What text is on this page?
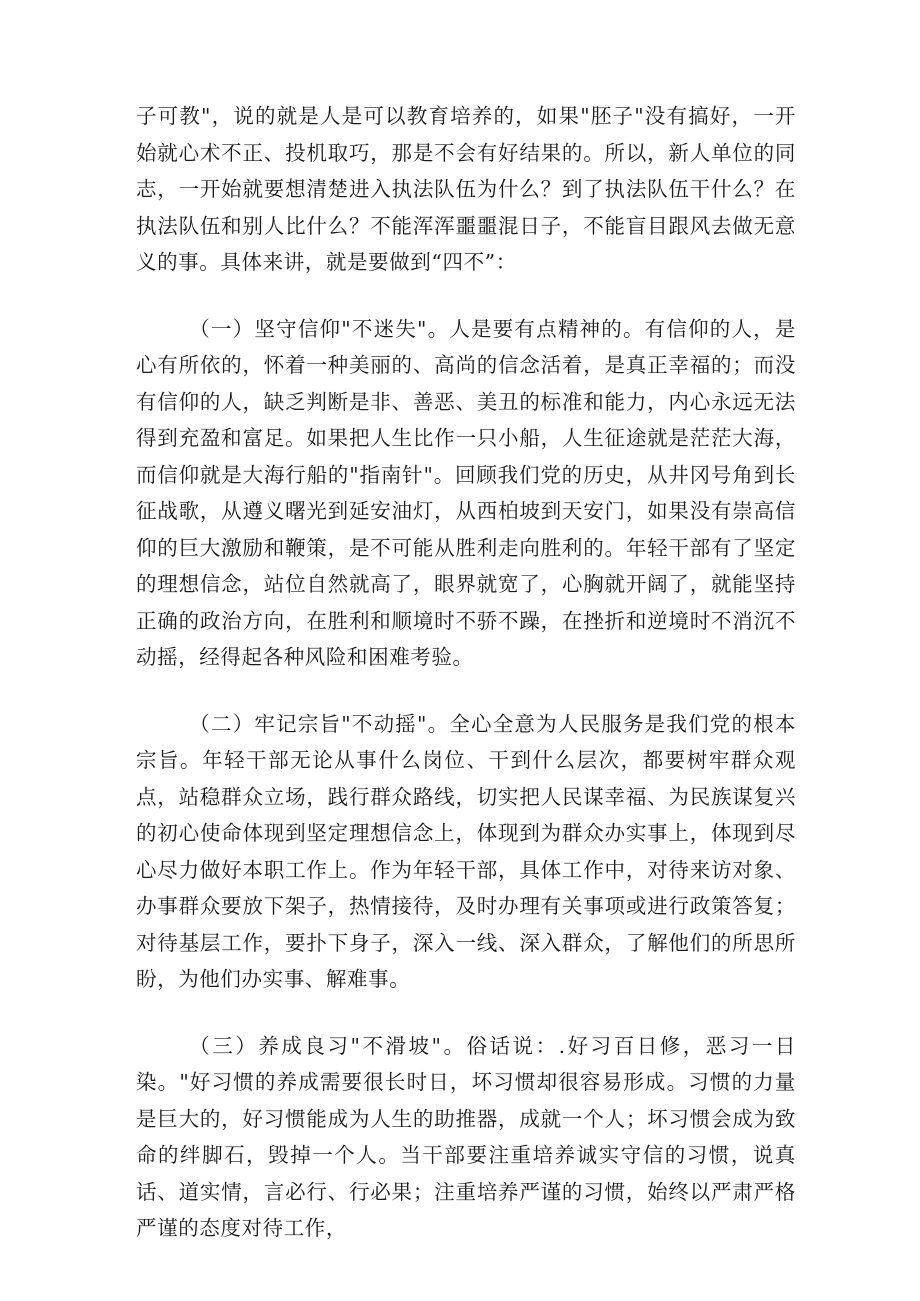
子可教"，说的就是人是可以教育培养的，如果"胚子"没有搞好，一开始就心术不正、投机取巧，那是不会有好结果的。所以，新人单位的同志，一开始就要想清楚进入执法队伍为什么？到了执法队伍干什么？在执法队伍和别人比什么？不能浑浑噩噩混日子，不能盲目跟风去做无意义的事。具体来讲，就是要做到“四不”：

（一）坚守信仰"不迷失"。人是要有点精神的。有信仰的人，是心有所依的，怀着一种美丽的、高尚的信念活着，是真正幸福的；而没有信仰的人，缺乏判断是非、善恶、美丑的标准和能力，内心永远无法得到充盈和富足。如果把人生比作一只小船，人生征途就是茫茫大海，而信仰就是大海行船的"指南针"。回顾我们党的历史，从井冈号角到长征战歌，从遵义曙光到延安油灯，从西柏坡到天安门，如果没有崇高信仰的巨大激励和鞭策，是不可能从胜利走向胜利的。年轻干部有了坚定的理想信念，站位自然就高了，眼界就宽了，心胸就开阔了，就能坚持正确的政治方向，在胜利和顺境时不骄不躁，在挫折和逆境时不消沉不动摇，经得起各种风险和困难考验。

（二）牢记宗旨"不动摇"。全心全意为人民服务是我们党的根本宗旨。年轻干部无论从事什么岗位、干到什么层次，都要树牢群众观点，站稳群众立场，践行群众路线，切实把人民谋幸福、为民族谋复兴的初心使命体现到坚定理想信念上，体现到为群众办实事上，体现到尽心尽力做好本职工作上。作为年轻干部，具体工作中，对待来访对象、办事群众要放下架子，热情接待，及时办理有关事项或进行政策答复；对待基层工作，要扑下身子，深入一线、深入群众，了解他们的所思所盼，为他们办实事、解难事。

（三）养成良习"不滑坡"。俗话说：.好习百日修，恶习一日染。"好习惯的养成需要很长时日，坏习惯却很容易形成。习惯的力量是巨大的，好习惯能成为人生的助推器，成就一个人；坏习惯会成为致命的绊脚石，毁掉一个人。当干部要注重培养诚实守信的习惯，说真话、道实情，言必行、行必果；注重培养严谨的习惯，始终以严肃严格严谨的态度对待工作，
